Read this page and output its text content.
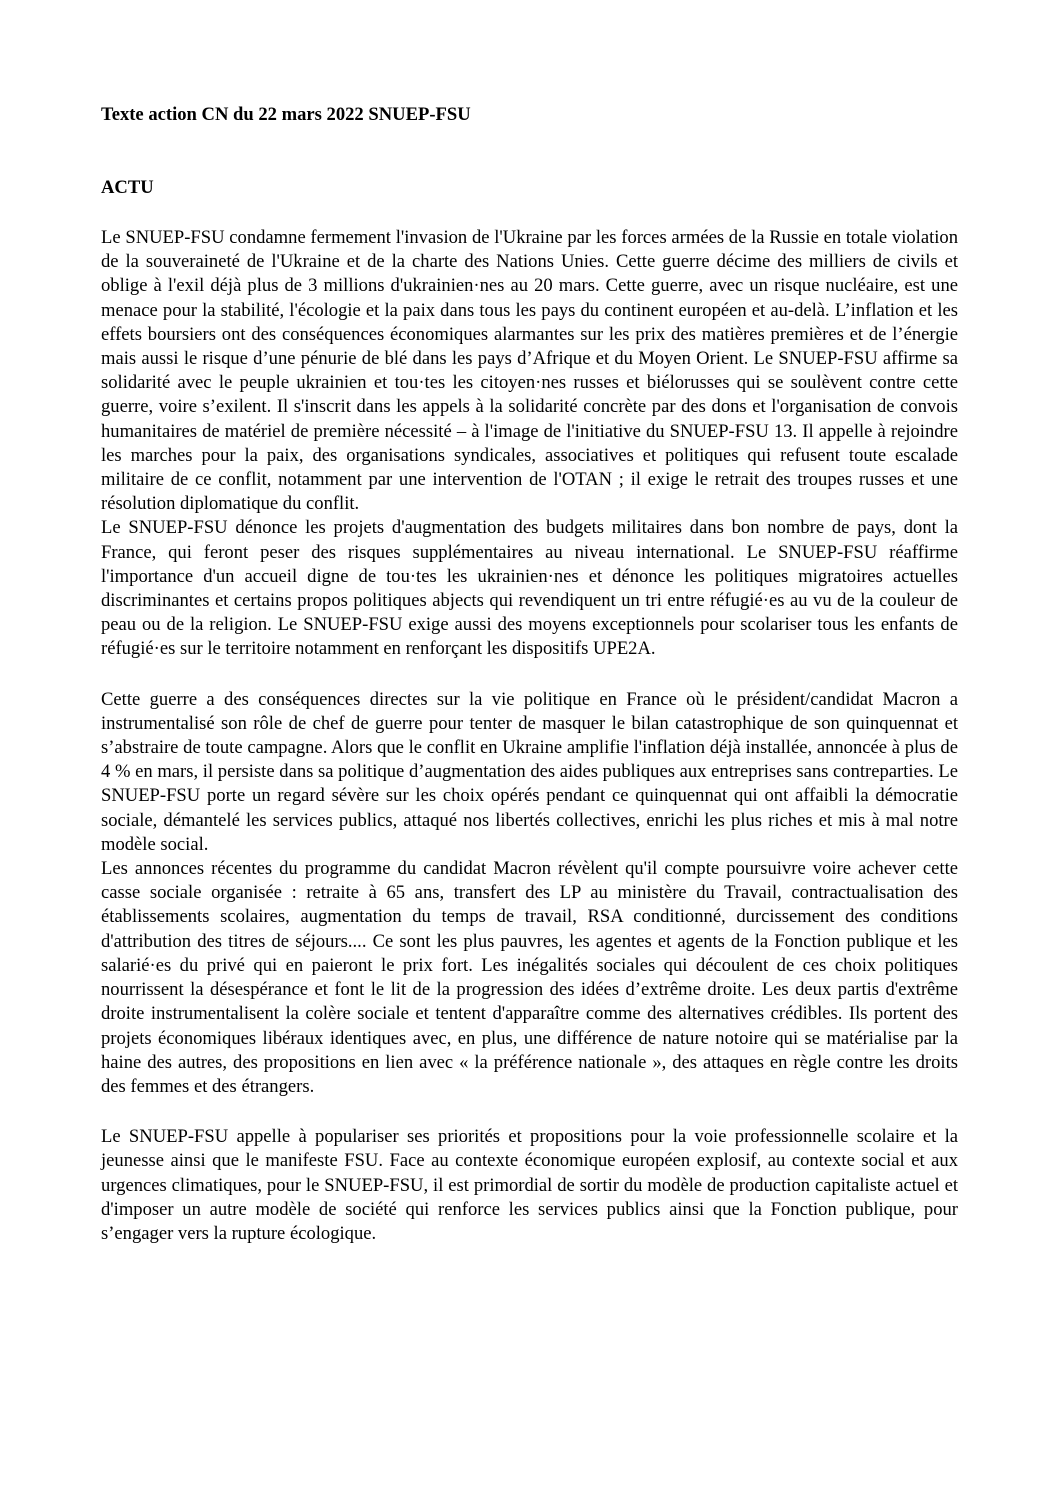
Texte action CN du 22 mars 2022 SNUEP-FSU

ACTU

Le SNUEP-FSU condamne fermement l'invasion de l'Ukraine par les forces armées de la Russie en totale violation de la souveraineté de l'Ukraine et de la charte des Nations Unies. Cette guerre décime des milliers de civils et oblige à l'exil déjà plus de 3 millions d'ukrainien·nes au 20 mars. Cette guerre, avec un risque nucléaire, est une menace pour la stabilité, l'écologie et la paix dans tous les pays du continent européen et au-delà. L’inflation et les effets boursiers ont des conséquences économiques alarmantes sur les prix des matières premières et de l’énergie mais aussi le risque d’une pénurie de blé dans les pays d’Afrique et du Moyen Orient. Le SNUEP-FSU affirme sa solidarité avec le peuple ukrainien et tou·tes les citoyen·nes russes et biélorusses qui se soulèvent contre cette guerre, voire s’exilent. Il s'inscrit dans les appels à la solidarité concrète par des dons et l'organisation de convois humanitaires de matériel de première nécessité – à l'image de l'initiative du SNUEP-FSU 13. Il appelle à rejoindre les marches pour la paix, des organisations syndicales, associatives et politiques qui refusent toute escalade militaire de ce conflit, notamment par une intervention de l'OTAN ; il exige le retrait des troupes russes et une résolution diplomatique du conflit.

Le SNUEP-FSU dénonce les projets d'augmentation des budgets militaires dans bon nombre de pays, dont la France, qui feront peser des risques supplémentaires au niveau international. Le SNUEP-FSU réaffirme l'importance d'un accueil digne de tou·tes les ukrainien·nes et dénonce les politiques migratoires actuelles discriminantes et certains propos politiques abjects qui revendiquent un tri entre réfugié·es au vu de la couleur de peau ou de la religion. Le SNUEP-FSU exige aussi des moyens exceptionnels pour scolariser tous les enfants de réfugié·es sur le territoire notamment en renforçant les dispositifs UPE2A.

Cette guerre a des conséquences directes sur la vie politique en France où le président/candidat Macron a instrumentalisé son rôle de chef de guerre pour tenter de masquer le bilan catastrophique de son quinquennat et s’abstraire de toute campagne. Alors que le conflit en Ukraine amplifie l'inflation déjà installée, annoncée à plus de 4 % en mars, il persiste dans sa politique d’augmentation des aides publiques aux entreprises sans contreparties. Le SNUEP-FSU porte un regard sévère sur les choix opérés pendant ce quinquennat qui ont affaibli la démocratie sociale, démantelé les services publics, attaqué nos libertés collectives, enrichi les plus riches et mis à mal notre modèle social.

Les annonces récentes du programme du candidat Macron révèlent qu'il compte poursuivre voire achever cette casse sociale organisée : retraite à 65 ans, transfert des LP au ministère du Travail, contractualisation des établissements scolaires, augmentation du temps de travail, RSA conditionné, durcissement des conditions d'attribution des titres de séjours.... Ce sont les plus pauvres, les agentes et agents de la Fonction publique et les salarié·es du privé qui en paieront le prix fort. Les inégalités sociales qui découlent de ces choix politiques nourrissent la désespérance et font le lit de la progression des idées d’extrême droite. Les deux partis d'extrême droite instrumentalisent la colère sociale et tentent d'apparaître comme des alternatives crédibles. Ils portent des projets économiques libéraux identiques avec, en plus, une différence de nature notoire qui se matérialise par la haine des autres, des propositions en lien avec « la préférence nationale », des attaques en règle contre les droits des femmes et des étrangers.

Le SNUEP-FSU appelle à populariser ses priorités et propositions pour la voie professionnelle scolaire et la jeunesse ainsi que le manifeste FSU. Face au contexte économique européen explosif, au contexte social et aux urgences climatiques, pour le SNUEP-FSU, il est primordial de sortir du modèle de production capitaliste actuel et d'imposer un autre modèle de société qui renforce les services publics ainsi que la Fonction publique, pour s’engager vers la rupture écologique.
